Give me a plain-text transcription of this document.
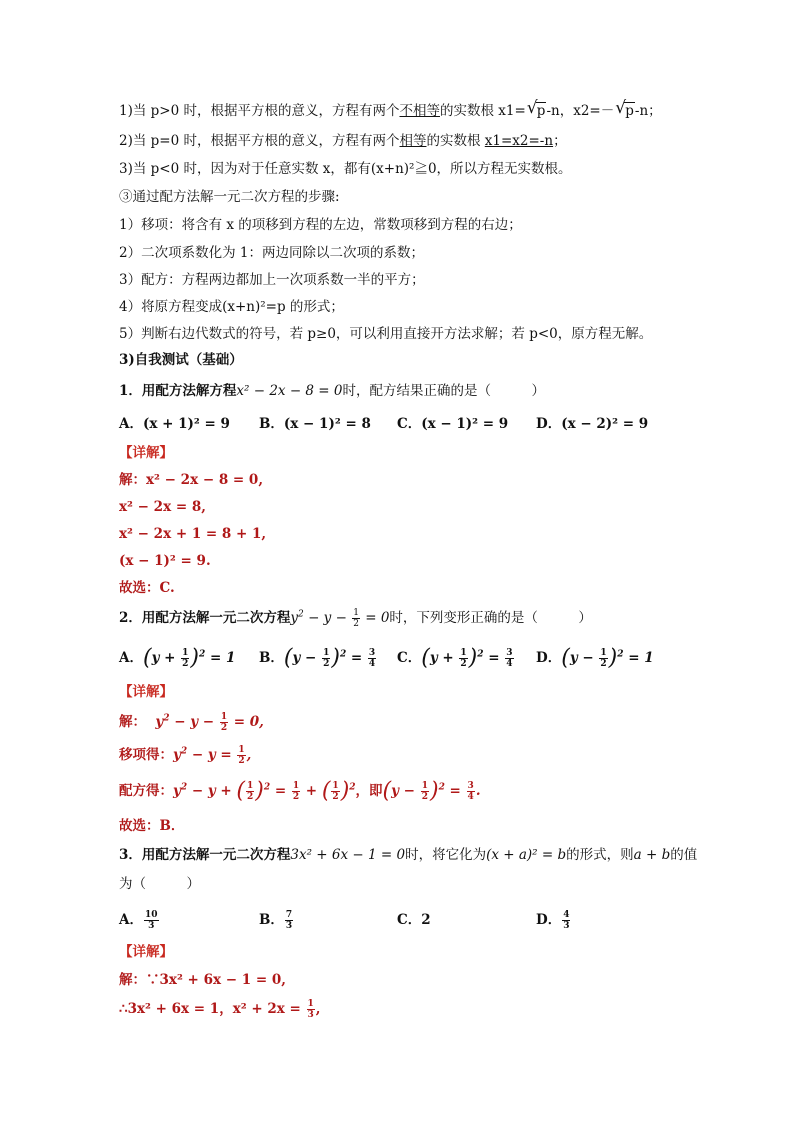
1)当 p>0 时，根据平方根的意义，方程有两个不相等的实数根 x1= √ p-n，x2=－ √ p-n；
2)当 p=0 时，根据平方根的意义，方程有两个相等的实数根 x1=x2=-n；
3)当 p<0 时，因为对于任意实数 x，都有(x+n)²≧0，所以方程无实数根。
③通过配方法解一元二次方程的步骤:
1）移项：将含有 x 的项移到方程的左边，常数项移到方程的右边；
2）二次项系数化为 1：两边同除以二次项的系数；
3）配方：方程两边都加上一次项系数一半的平方；
4）将原方程变成(x+n)²=p 的形式；
5）判断右边代数式的符号，若 p≥0，可以利用直接开方法求解；若 p<0，原方程无解。
3)自我测试（基础）
1．用配方法解方程x² − 2x − 8 = 0时，配方结果正确的是（　　　）
A．(x + 1)² = 9 B．(x − 1)² = 8 C．(x − 1)² = 9 D．(x − 2)² = 9
【详解】
解：x² − 2x − 8 = 0,
x² − 2x = 8,
x² − 2x + 1 = 8 + 1,
(x − 1)² = 9.
故选：C.
2．用配方法解一元二次方程$y^2 - y - \frac{1}{2} = 0$时，下列变形正确的是（　　　）
A．$(y + \frac{1}{2} )^2 = 1$ B．$(y - \frac{1}{2} )^2 = \frac{3}{4}$ C．$(y + \frac{1}{2} )^2 = \frac{3}{4}$ D．$(y - \frac{1}{2} )^2 = 1$
【详解】
解： $y^2 - y - \frac{1}{2} = 0$,
移项得：$y^2 - y = \frac{1}{2}$ ,
配方得：$y^2 - y$ + ( $\frac{1}{2} )^2 = \frac{1}{2}$ + ( $\frac{1}{2} )^2$，即$(y - \frac{1}{2} )^2 = \frac{3}{4}$ .
故选：B．
3．用配方法解一元二次方程3x² + 6x − 1 = 0时，将它化为(x + a)² = b的形式，则a + b的值
为（　　　）
A． $\frac{10}{3}$	B． $\frac{7}{3}$	C．2	D． $\frac{4}{3}$
【详解】
解：∵3x² + 6x − 1 = 0,
∴3x² + 6x = 1，$x^2 + 2x = \frac{1}{3}$ ,
